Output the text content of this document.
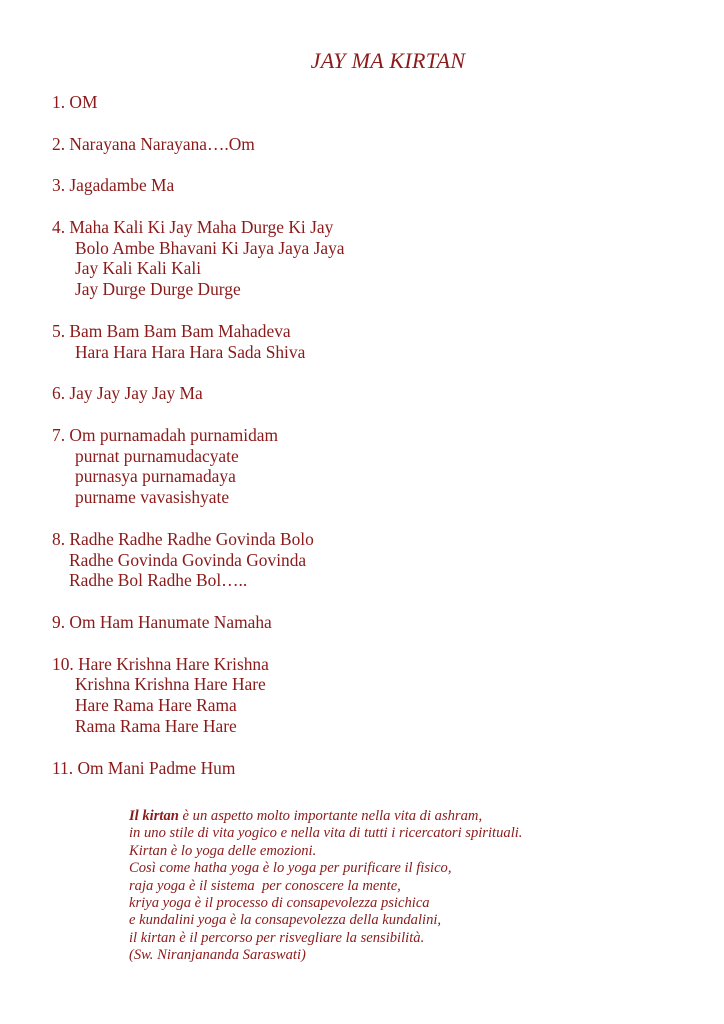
JAY MA KIRTAN
1. OM
2. Narayana Narayana….Om
3. Jagadambe Ma
4. Maha Kali Ki Jay Maha Durge Ki Jay
Bolo Ambe Bhavani Ki Jaya Jaya Jaya
Jay Kali Kali Kali
Jay Durge Durge Durge
5. Bam Bam Bam Bam Mahadeva
Hara Hara Hara Hara Sada Shiva
6. Jay Jay Jay Jay Ma
7. Om purnamadah purnamidam
purnat purnamudacyate
purnasya purnamadaya
purname vavasishyate
8. Radhe Radhe Radhe Govinda Bolo
Radhe Govinda Govinda Govinda
Radhe Bol Radhe Bol…..
9. Om Ham Hanumate Namaha
10. Hare Krishna Hare Krishna
Krishna Krishna Hare Hare
Hare Rama Hare Rama
Rama Rama Hare Hare
11. Om Mani Padme Hum
Il kirtan è un aspetto molto importante nella vita di ashram,
in uno stile di vita yogico e nella vita di tutti i ricercatori spirituali.
Kirtan è lo yoga delle emozioni.
Così come hatha yoga è lo yoga per purificare il fisico,
raja yoga è il sistema  per conoscere la mente,
kriya yoga è il processo di consapevolezza psichica
e kundalini yoga è la consapevolezza della kundalini,
il kirtan è il percorso per risvegliare la sensibilità.
(Sw. Niranjananda Saraswati)
